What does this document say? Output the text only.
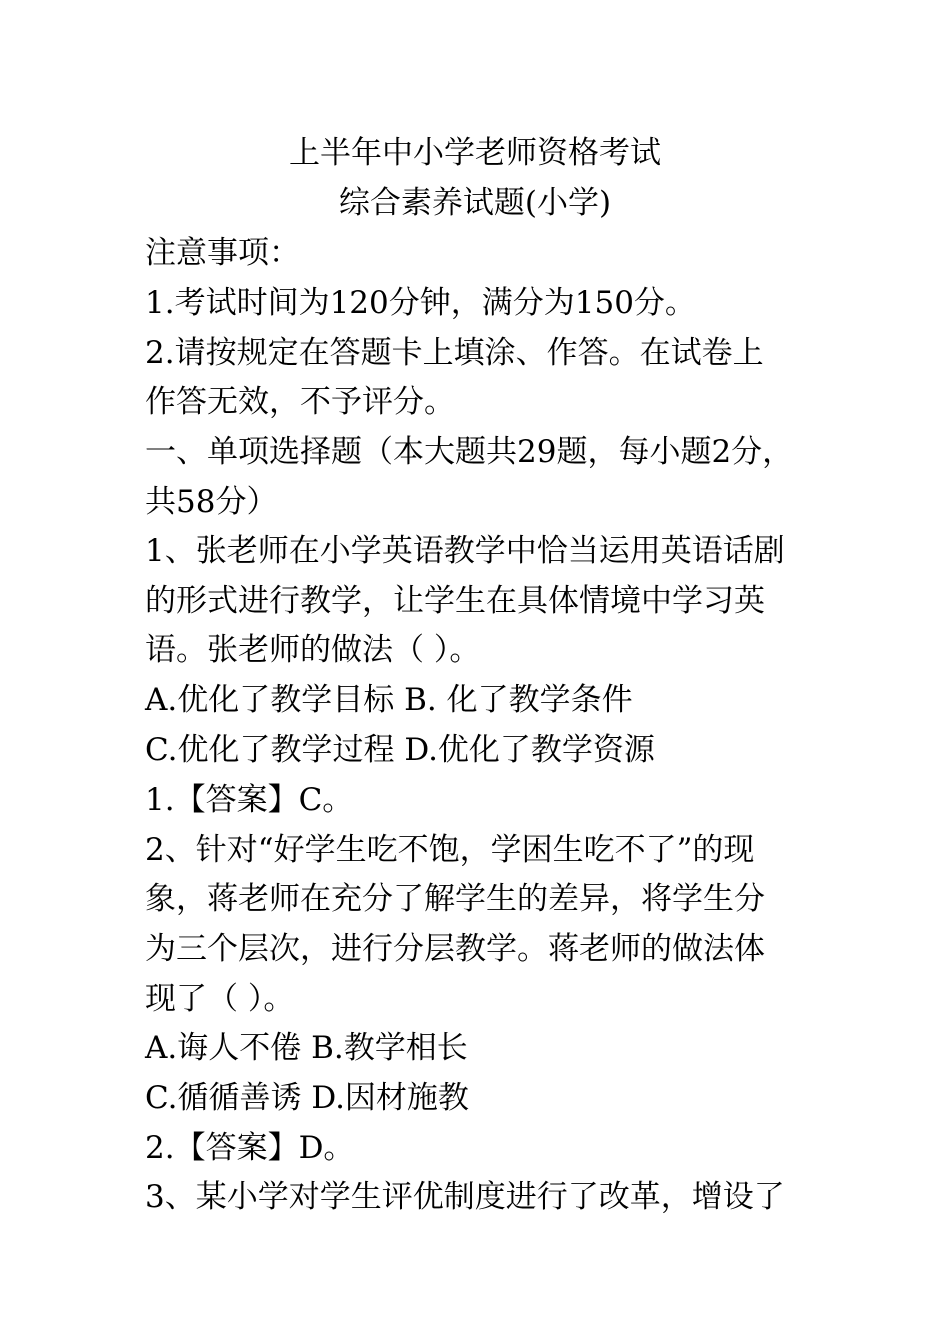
上半年中小学老师资格考试
综合素养试题(小学)
注意事项：
1.考试时间为120分钟，满分为150分。
2.请按规定在答题卡上填涂、作答。在试卷上
作答无效，不予评分。
一、单项选择题（本大题共29题，每小题2分，
共58分）
1、张老师在小学英语教学中恰当运用英语话剧
的形式进行教学，让学生在具体情境中学习英
语。张老师的做法（ ）。
A.优化了教学目标 B. 化了教学条件
C.优化了教学过程 D.优化了教学资源
1.【答案】C。
2、针对“好学生吃不饱，学困生吃不了”的现
象，蒋老师在充分了解学生的差异，将学生分
为三个层次，进行分层教学。蒋老师的做法体
现了（ ）。
A.诲人不倦 B.教学相长
C.循循善诱 D.因材施教
2.【答案】D。
3、某小学对学生评优制度进行了改革，增设了
